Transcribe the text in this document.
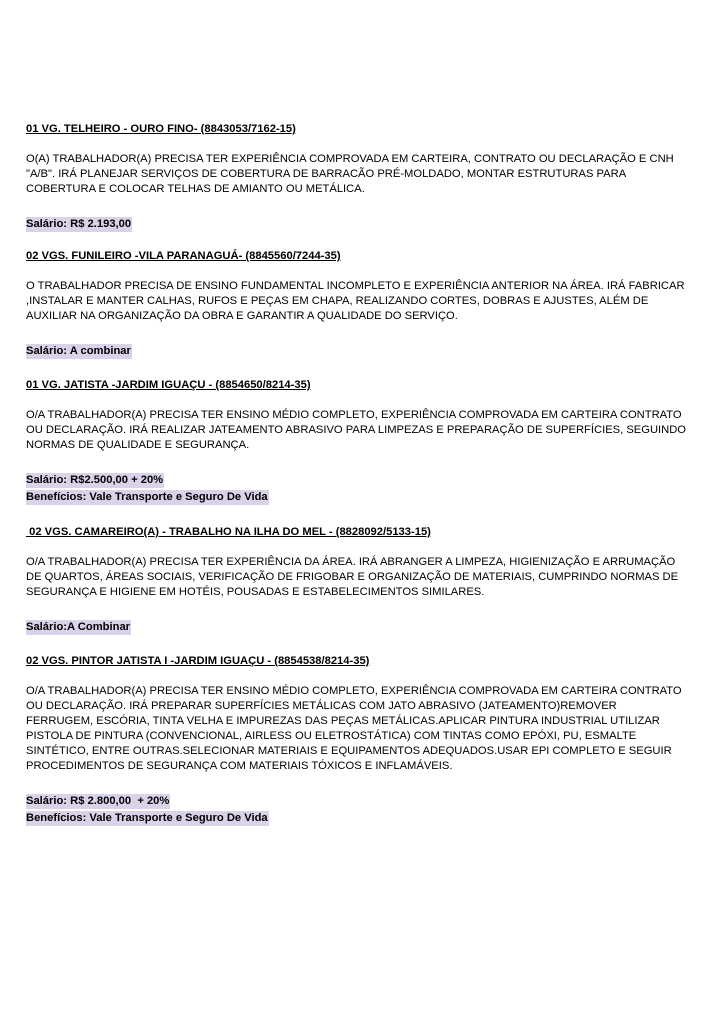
01 VG. TELHEIRO - OURO FINO- (8843053/7162-15)

O(A) TRABALHADOR(A) PRECISA TER EXPERIÊNCIA COMPROVADA EM CARTEIRA, CONTRATO OU DECLARAÇÃO E CNH "A/B". IRÁ PLANEJAR SERVIÇOS DE COBERTURA DE BARRACÃO PRÉ-MOLDADO, MONTAR ESTRUTURAS PARA COBERTURA E COLOCAR TELHAS DE AMIANTO OU METÁLICA.

Salário: R$ 2.193,00

02 VGS. FUNILEIRO -VILA PARANAGUÁ- (8845560/7244-35)

O TRABALHADOR PRECISA DE ENSINO FUNDAMENTAL INCOMPLETO E EXPERIÊNCIA ANTERIOR NA ÁREA. IRÁ FABRICAR ,INSTALAR E MANTER CALHAS, RUFOS E PEÇAS EM CHAPA, REALIZANDO CORTES, DOBRAS E AJUSTES, ALÉM DE AUXILIAR NA ORGANIZAÇÃO DA OBRA E GARANTIR A QUALIDADE DO SERVIÇO.

Salário: A combinar

01 VG. JATISTA -JARDIM IGUAÇU - (8854650/8214-35)

O/A TRABALHADOR(A) PRECISA TER ENSINO MÉDIO COMPLETO, EXPERIÊNCIA COMPROVADA EM CARTEIRA CONTRATO OU DECLARAÇÃO. IRÁ REALIZAR JATEAMENTO ABRASIVO PARA LIMPEZAS E PREPARAÇÃO DE SUPERFÍCIES, SEGUINDO NORMAS DE QUALIDADE E SEGURANÇA.

Salário: R$2.500,00 + 20%

Benefícios: Vale Transporte e Seguro De Vida

02 VGS. CAMAREIRO(A) - TRABALHO NA ILHA DO MEL - (8828092/5133-15)

O/A TRABALHADOR(A) PRECISA TER EXPERIÊNCIA DA ÁREA. IRÁ ABRANGER A LIMPEZA, HIGIENIZAÇÃO E ARRUMAÇÃO DE QUARTOS, ÁREAS SOCIAIS, VERIFICAÇÃO DE FRIGOBAR E ORGANIZAÇÃO DE MATERIAIS, CUMPRINDO NORMAS DE SEGURANÇA E HIGIENE EM HOTÉIS, POUSADAS E ESTABELECIMENTOS SIMILARES.

Salário:A Combinar

02 VGS. PINTOR JATISTA I -JARDIM IGUAÇU - (8854538/8214-35)

O/A TRABALHADOR(A) PRECISA TER ENSINO MÉDIO COMPLETO, EXPERIÊNCIA COMPROVADA EM CARTEIRA CONTRATO OU DECLARAÇÃO. IRÁ PREPARAR SUPERFÍCIES METÁLICAS COM JATO ABRASIVO (JATEAMENTO)REMOVER FERRUGEM, ESCÓRIA, TINTA VELHA E IMPUREZAS DAS PEÇAS METÁLICAS.APLICAR PINTURA INDUSTRIAL UTILIZAR PISTOLA DE PINTURA (CONVENCIONAL, AIRLESS OU ELETROSTÁTICA) COM TINTAS COMO EPÓXI, PU, ESMALTE SINTÉTICO, ENTRE OUTRAS.SELECIONAR MATERIAIS E EQUIPAMENTOS ADEQUADOS.USAR EPI COMPLETO E SEGUIR PROCEDIMENTOS DE SEGURANÇA COM MATERIAIS TÓXICOS E INFLAMÁVEIS.

Salário: R$ 2.800,00  + 20%

Benefícios: Vale Transporte e Seguro De Vida
